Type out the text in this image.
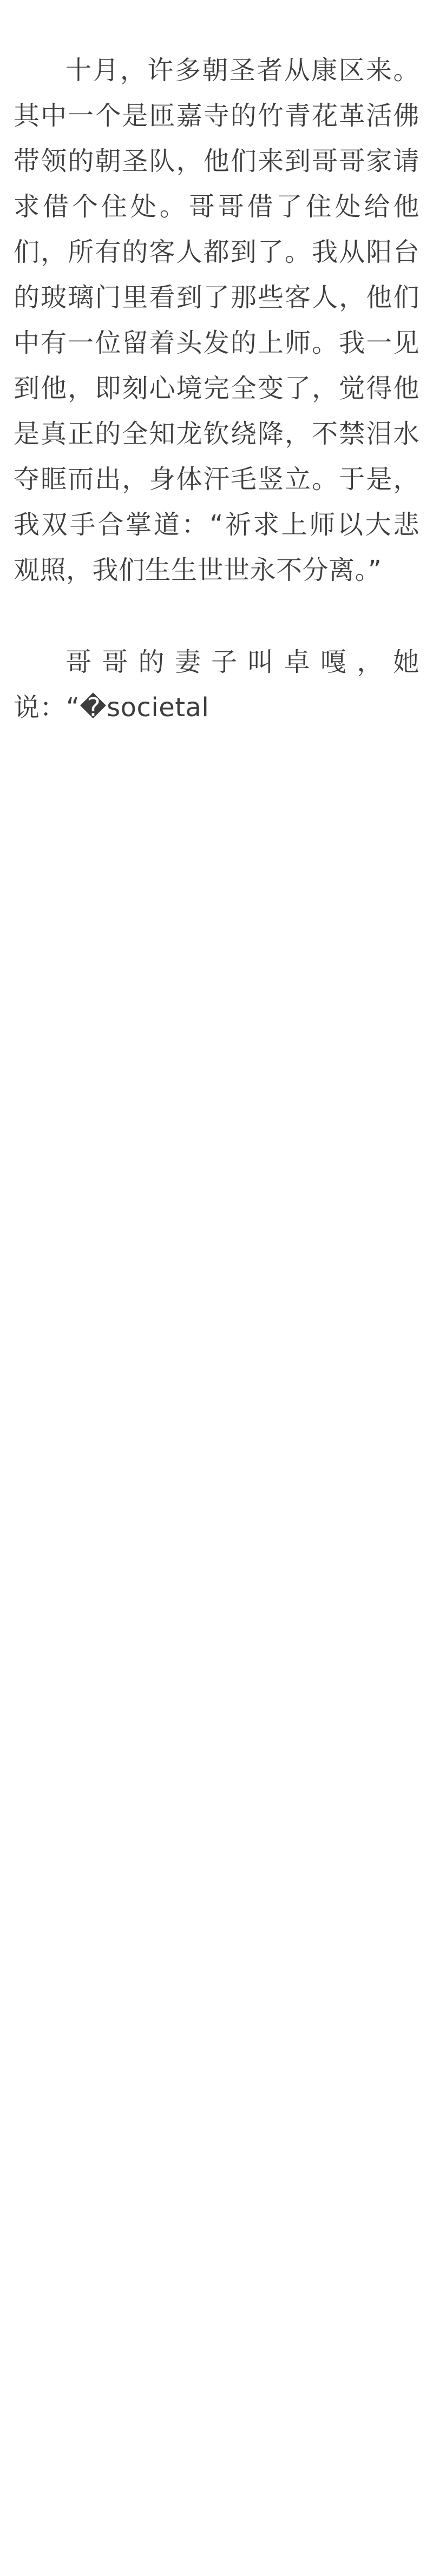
十月，许多朝圣者从康区来。其中一个是匝嘉寺的竹青花革活佛带领的朝圣队，他们来到哥哥家请求借个住处。哥哥借了住处给他们，所有的客人都到了。我从阳台的玻璃门里看到了那些客人，他们中有一位留着头发的上师。我一见到他，即刻心境完全变了，觉得他是真正的全知龙钦绕降，不禁泪水夺眶而出，身体汗毛竖立。于是，我双手合掌道：“祈求上师以大悲观照，我们生生世世永不分离。”

哥哥的妻子叫卓嘎，她说：“�societal
